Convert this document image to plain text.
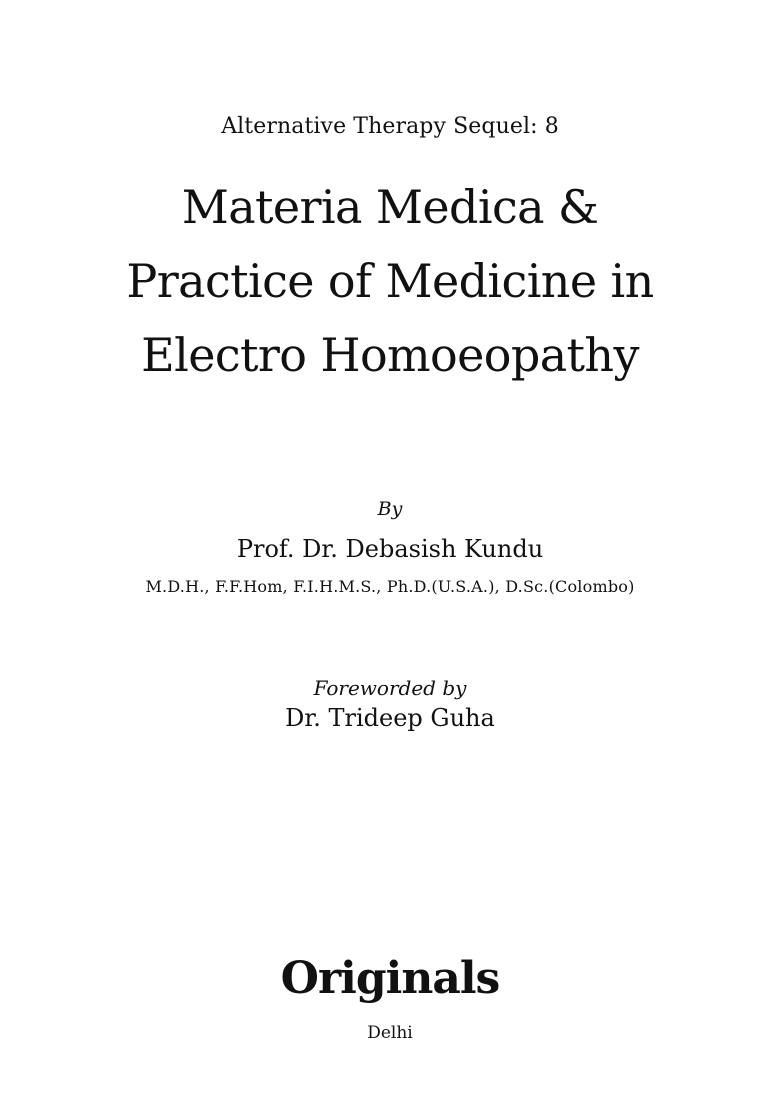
Alternative Therapy Sequel: 8
Materia Medica &
Practice of Medicine in
Electro Homoeopathy
By
Prof. Dr. Debasish Kundu
M.D.H., F.F.Hom, F.I.H.M.S., Ph.D.(U.S.A.), D.Sc.(Colombo)
Foreworded by
Dr. Trideep Guha
Originals
Delhi
